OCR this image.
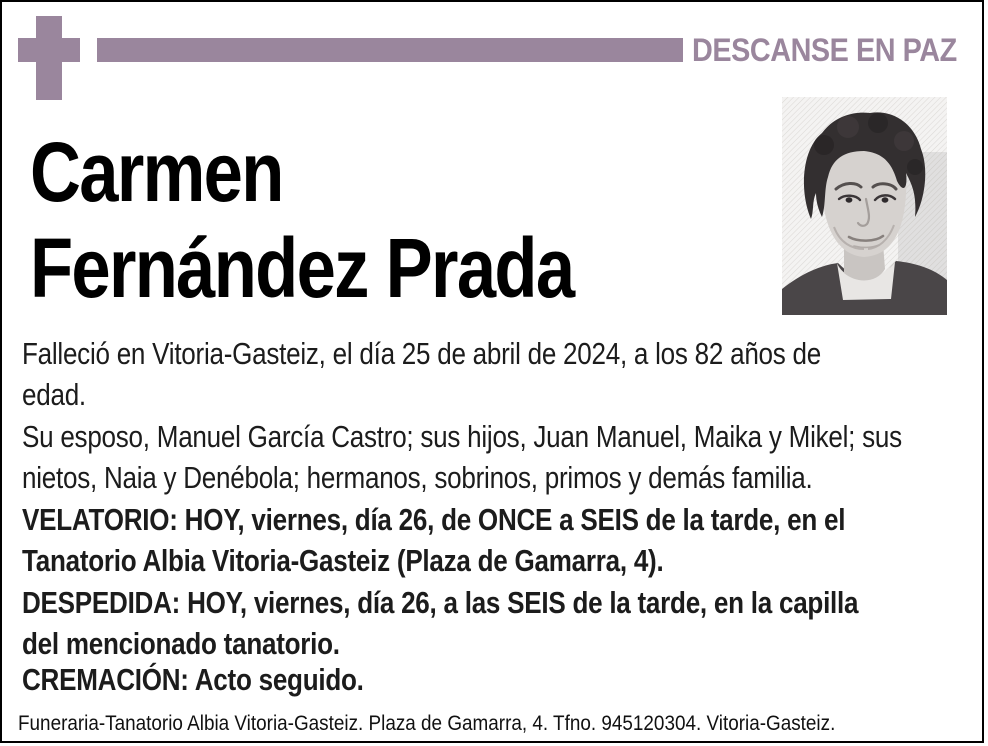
DESCANSE EN PAZ
Carmen
Fernández Prada
Falleció en Vitoria-Gasteiz, el día 25 de abril de 2024, a los 82 años de
edad.
Su esposo, Manuel García Castro; sus hijos, Juan Manuel, Maika y Mikel; sus
nietos, Naia y Denébola; hermanos, sobrinos, primos y demás familia.
VELATORIO: HOY, viernes, día 26, de ONCE a SEIS de la tarde, en el
Tanatorio Albia Vitoria-Gasteiz (Plaza de Gamarra, 4).
DESPEDIDA: HOY, viernes, día 26, a las SEIS de la tarde, en la capilla
del mencionado tanatorio.
CREMACIÓN: Acto seguido.
Funeraria-Tanatorio Albia Vitoria-Gasteiz. Plaza de Gamarra, 4. Tfno. 945120304. Vitoria-Gasteiz.
